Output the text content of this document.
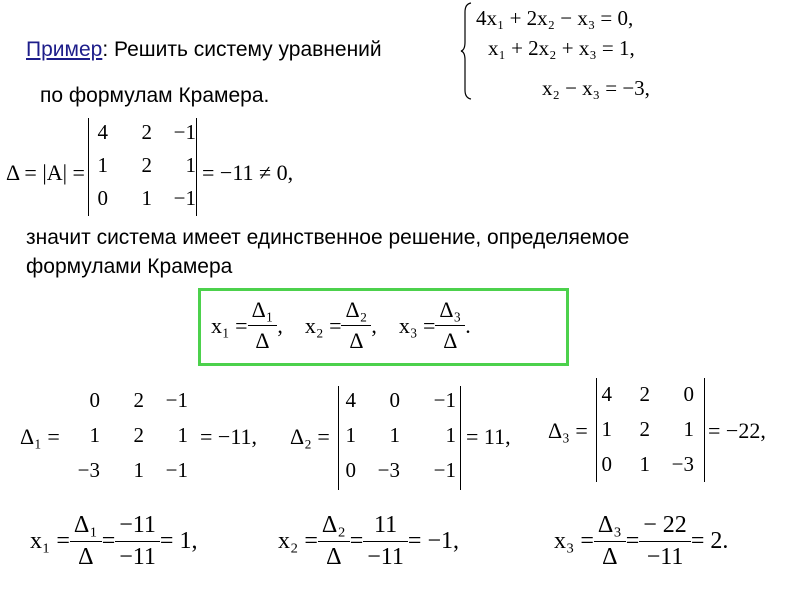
Пример: Решить систему уравнений
по формулам Крамера.
4x₁ + 2x₂ − x₃ = 0,
x₁ + 2x₂ + x₃ = 1,
x₂ − x₃ = −3,
Δ = |A| =
4	2	−1
1	2	1
0	1	−1
= −11 ≠ 0,
значит система имеет единственное решение, определяемое
формулами Крамера
$x_1 = \frac{\text{Δ₁}}{\Delta}$ , $x_2 = \frac{\text{Δ₂}}{\Delta}$ , $x_3 = \frac{\text{Δ₃}}{\Delta}$ .
Δ₁ =
0	2	−1
1	2	1
−3	1	−1
= −11, Δ₂ =
4	0	−1
1	1	1
0	−3	−1
= 11, Δ₃ =
4	2	0
1	2	1
0	1	−3
= −22,
$x_1 = \frac{\text{Δ₁}}{\Delta} = \frac{-11}{-11} = 1$,	$x_2 = \frac{\text{Δ₂}}{\Delta} = \frac{11}{-11} = -1$,	$x_3 = \frac{\text{Δ₃}}{\Delta} = \frac{- 22}{-11} = 2$.
